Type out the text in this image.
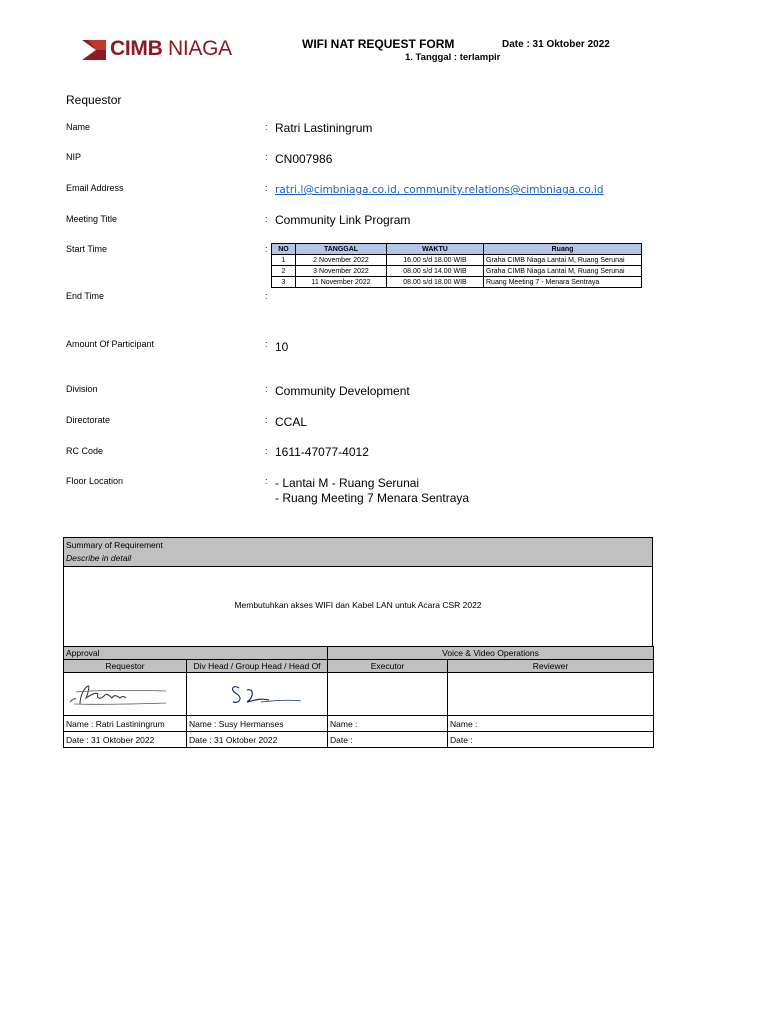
CIMB NIAGA	WIFI NAT REQUEST FORM	Date : 31 Oktober 2022
1. Tanggal : terlampir
Requestor
Name	: Ratri Lastiningrum
NIP	: CN007986
Email Address	: ratri.l@cimbniaga.co.id, community.relations@cimbniaga.co.id
Meeting Title	: Community Link Program
Start Time	: NO	TANGGAL	WAKTU	Ruang
1	2 November 2022	16.00 s/d 18.00 WIB	Graha CIMB Niaga Lantai M, Ruang Serunai
2	3 November 2022	08.00 s/d 14.00 WIB	Graha CIMB Niaga Lantai M, Ruang Serunai
3	11 November 2022	08.00 s/d 18.00 WIB	Ruang Meeting 7 - Menara Sentraya
End Time	:
Amount Of Participant	: 10
Division	: Community Development
Directorate	: CCAL
RC Code	: 1611-47077-4012
Floor Location	: - Lantai M - Ruang Serunai
- Ruang Meeting 7 Menara Sentraya
Summary of Requirement
Describe in detail
Membutuhkan akses WIFI dan Kabel LAN untuk Acara CSR 2022
Approval		Voice & Video Operations	
Requestor	Div Head / Group Head / Head Of	Executor	Reviewer

Name : Ratri Lastiningrum	Name : Susy Hermanses	Name :	Name :
Date : 31 Oktober 2022	Date : 31 Oktober 2022	Date :	Date :
